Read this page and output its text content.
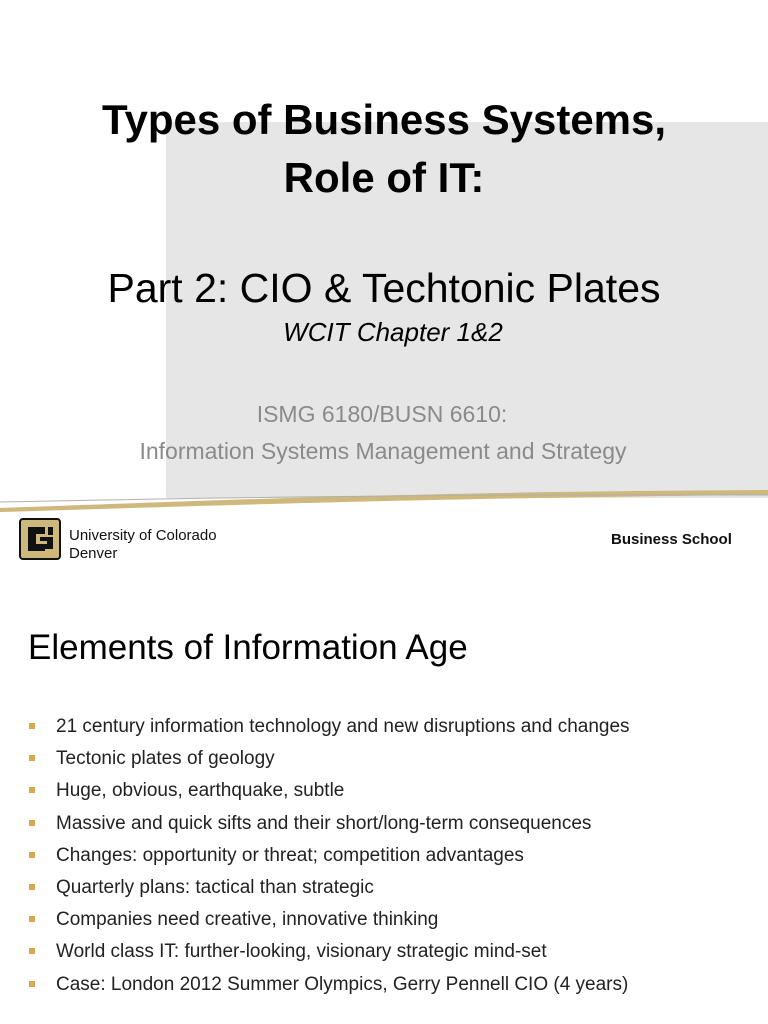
Types of Business Systems,
Role of IT:
Part 2: CIO & Techtonic Plates
WCIT Chapter 1&2
ISMG 6180/BUSN 6610:
Information Systems Management and Strategy
University of Colorado
Denver
Business School
Elements of Information Age
21 century information technology and new disruptions and changes
Tectonic plates of geology
Huge, obvious, earthquake, subtle
Massive and quick sifts and their short/long-term consequences
Changes: opportunity or threat; competition advantages
Quarterly plans: tactical than strategic
Companies need creative, innovative thinking
World class IT: further-looking, visionary strategic mind-set
Case: London 2012 Summer Olympics, Gerry Pennell CIO (4 years)
